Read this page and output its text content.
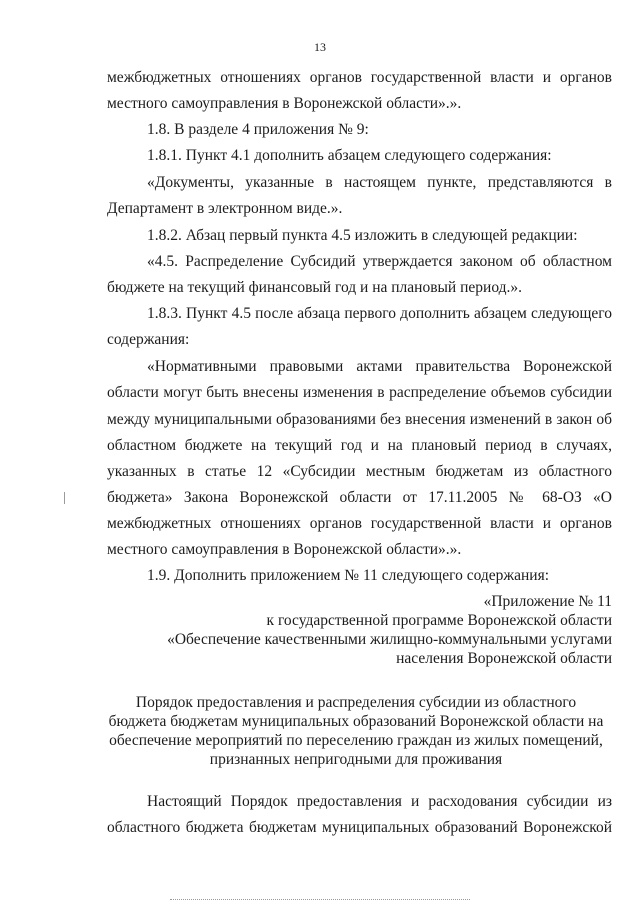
13
межбюджетных отношениях органов государственной власти и органов
местного самоуправления в Воронежской области».».
1.8. В разделе 4 приложения № 9:
1.8.1. Пункт 4.1 дополнить абзацем следующего содержания:
«Документы, указанные в настоящем пункте, представляются в
Департамент в электронном виде.».
1.8.2. Абзац первый пункта 4.5 изложить в следующей редакции:
«4.5. Распределение Субсидий утверждается законом об областном
бюджете на текущий финансовый год и на плановый период.».
1.8.3. Пункт 4.5 после абзаца первого дополнить абзацем следующего
содержания:
«Нормативными правовыми актами правительства Воронежской
области могут быть внесены изменения в распределение объемов субсидии
между муниципальными образованиями без внесения изменений в закон об
областном бюджете на текущий год и на плановый период в случаях,
указанных в статье 12 «Субсидии местным бюджетам из областного
бюджета» Закона Воронежской области от 17.11.2005 № 68-ОЗ «О
межбюджетных отношениях органов государственной власти и органов
местного самоуправления в Воронежской области».».
1.9. Дополнить приложением № 11 следующего содержания:
«Приложение № 11
к государственной программе Воронежской области
«Обеспечение качественными жилищно-коммунальными услугами
населения Воронежской области
Порядок предоставления и распределения субсидии из областного
бюджета бюджетам муниципальных образований Воронежской области на
обеспечение мероприятий по переселению граждан из жилых помещений,
признанных непригодными для проживания
Настоящий Порядок предоставления и расходования субсидии из
областного бюджета бюджетам муниципальных образований Воронежской
